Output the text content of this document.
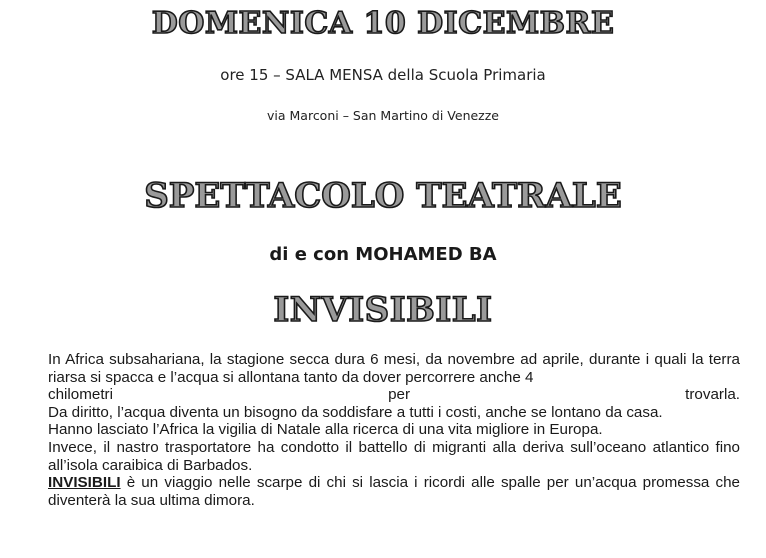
DOMENICA 10 DICEMBRE
ore 15 – SALA MENSA della Scuola Primaria
via Marconi – San Martino di Venezze
SPETTACOLO TEATRALE
di e con MOHAMED BA
INVISIBILI

In Africa subsahariana, la stagione secca dura 6 mesi, da novembre ad aprile, durante i quali la terra riarsa si spacca e l’acqua si allontana tanto da dover percorrere anche 4

chilometri per trovarla.

Da diritto, l’acqua diventa un bisogno da soddisfare a tutti i costi, anche se lontano da casa.

Hanno lasciato l’Africa la vigilia di Natale alla ricerca di una vita migliore in Europa.

Invece, il nastro trasportatore ha condotto il battello di migranti alla deriva sull’oceano atlantico fino all’isola caraibica di Barbados.

INVISIBILI è un viaggio nelle scarpe di chi si lascia i ricordi alle spalle per un’acqua promessa che diventerà la sua ultima dimora.
